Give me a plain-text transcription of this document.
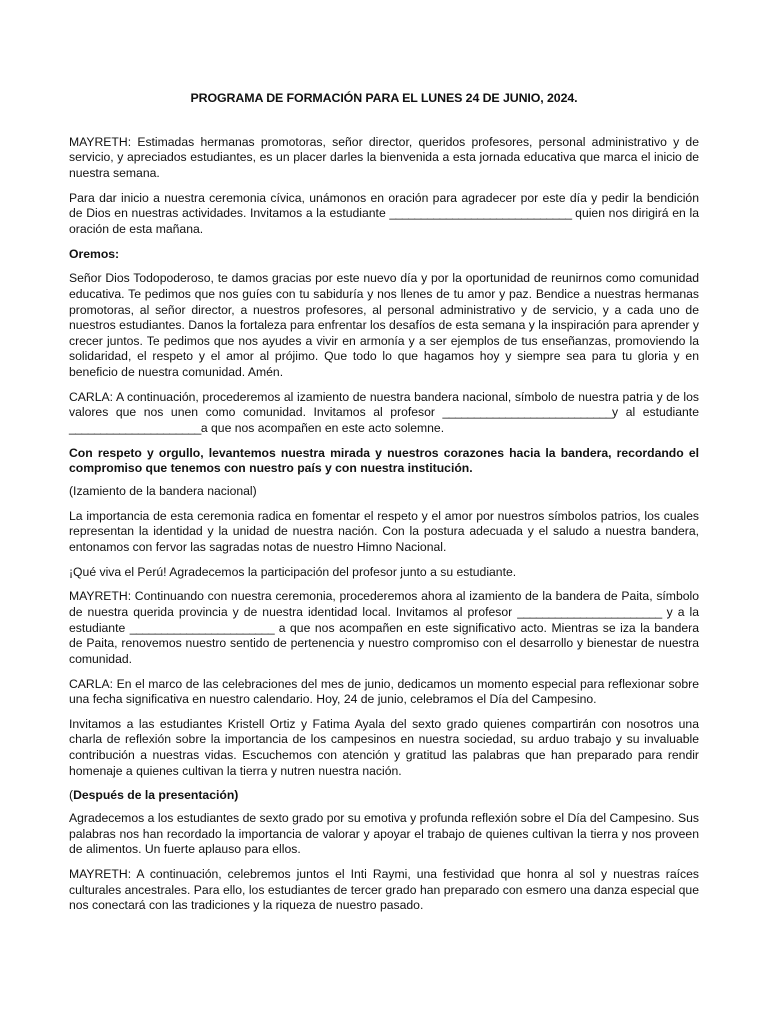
PROGRAMA DE FORMACIÓN PARA EL LUNES 24 DE JUNIO, 2024.

MAYRETH: Estimadas hermanas promotoras, señor director, queridos profesores, personal administrativo y de servicio, y apreciados estudiantes, es un placer darles la bienvenida a esta jornada educativa que marca el inicio de nuestra semana.

Para dar inicio a nuestra ceremonia cívica, unámonos en oración para agradecer por este día y pedir la bendición de Dios en nuestras actividades. Invitamos a la estudiante _____________________________ quien nos dirigirá en la oración de esta mañana.

Oremos:

Señor Dios Todopoderoso, te damos gracias por este nuevo día y por la oportunidad de reunirnos como comunidad educativa. Te pedimos que nos guíes con tu sabiduría y nos llenes de tu amor y paz. Bendice a nuestras hermanas promotoras, al señor director, a nuestros profesores, al personal administrativo y de servicio, y a cada uno de nuestros estudiantes. Danos la fortaleza para enfrentar los desafíos de esta semana y la inspiración para aprender y crecer juntos. Te pedimos que nos ayudes a vivir en armonía y a ser ejemplos de tus enseñanzas, promoviendo la solidaridad, el respeto y el amor al prójimo. Que todo lo que hagamos hoy y siempre sea para tu gloria y en beneficio de nuestra comunidad. Amén.

CARLA: A continuación, procederemos al izamiento de nuestra bandera nacional, símbolo de nuestra patria y de los valores que nos unen como comunidad. Invitamos al profesor ___________________________y al estudiante _____________________a que nos acompañen en este acto solemne.

Con respeto y orgullo, levantemos nuestra mirada y nuestros corazones hacia la bandera, recordando el compromiso que tenemos con nuestro país y con nuestra institución.

(Izamiento de la bandera nacional)

La importancia de esta ceremonia radica en fomentar el respeto y el amor por nuestros símbolos patrios, los cuales representan la identidad y la unidad de nuestra nación. Con la postura adecuada y el saludo a nuestra bandera, entonamos con fervor las sagradas notas de nuestro Himno Nacional.

¡Qué viva el Perú! Agradecemos la participación del profesor junto a su estudiante.

MAYRETH: Continuando con nuestra ceremonia, procederemos ahora al izamiento de la bandera de Paita, símbolo de nuestra querida provincia y de nuestra identidad local. Invitamos al profesor _______________________ y a la estudiante _______________________ a que nos acompañen en este significativo acto. Mientras se iza la bandera de Paita, renovemos nuestro sentido de pertenencia y nuestro compromiso con el desarrollo y bienestar de nuestra comunidad.

CARLA: En el marco de las celebraciones del mes de junio, dedicamos un momento especial para reflexionar sobre una fecha significativa en nuestro calendario. Hoy, 24 de junio, celebramos el Día del Campesino.

Invitamos a las estudiantes Kristell Ortiz y Fatima Ayala del sexto grado quienes compartirán con nosotros una charla de reflexión sobre la importancia de los campesinos en nuestra sociedad, su arduo trabajo y su invaluable contribución a nuestras vidas. Escuchemos con atención y gratitud las palabras que han preparado para rendir homenaje a quienes cultivan la tierra y nutren nuestra nación.

(Después de la presentación)

Agradecemos a los estudiantes de sexto grado por su emotiva y profunda reflexión sobre el Día del Campesino. Sus palabras nos han recordado la importancia de valorar y apoyar el trabajo de quienes cultivan la tierra y nos proveen de alimentos. Un fuerte aplauso para ellos.

MAYRETH: A continuación, celebremos juntos el Inti Raymi, una festividad que honra al sol y nuestras raíces culturales ancestrales. Para ello, los estudiantes de tercer grado han preparado con esmero una danza especial que nos conectará con las tradiciones y la riqueza de nuestro pasado.
